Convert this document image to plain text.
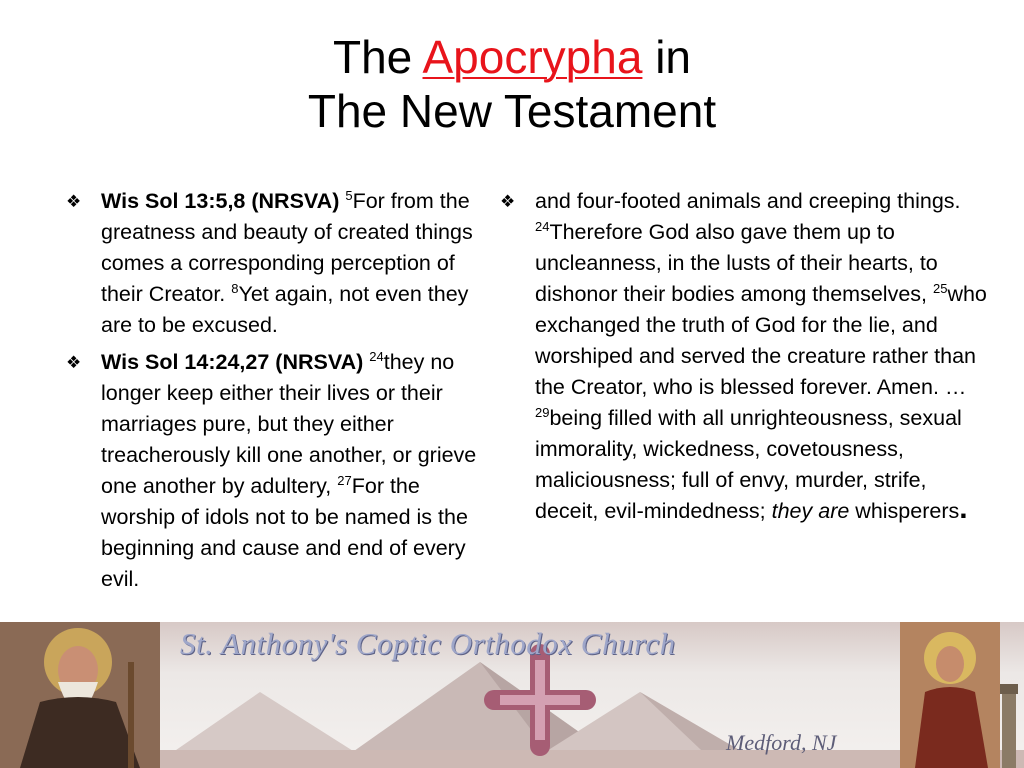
The Apocrypha in
The New Testament
❖ Wis Sol 13:5,8 (NRSVA) $^5$For from the greatness and beauty of created things comes a corresponding perception of their Creator. $^8$Yet again, not even they are to be excused.
❖ Wis Sol 14:24,27 (NRSVA) $^{24}$they no longer keep either their lives or their marriages pure, but they either treacherously kill one another, or grieve one another by adultery, $^{27}$For the worship of idols not to be named is the beginning and cause and end of every evil.
❖ and four-footed animals and creeping things. $^{24}$Therefore God also gave them up to uncleanness, in the lusts of their hearts, to dishonor their bodies among themselves, $^{25}$who exchanged the truth of God for the lie, and worshiped and served the creature rather than the Creator, who is blessed forever. Amen. …$^{29}$being filled with all unrighteousness, sexual immorality, wickedness, covetousness, maliciousness; full of envy, murder, strife, deceit, evil-mindedness; they are whisperers.
St. Anthony's Coptic Orthodox Church
Medford, NJ
